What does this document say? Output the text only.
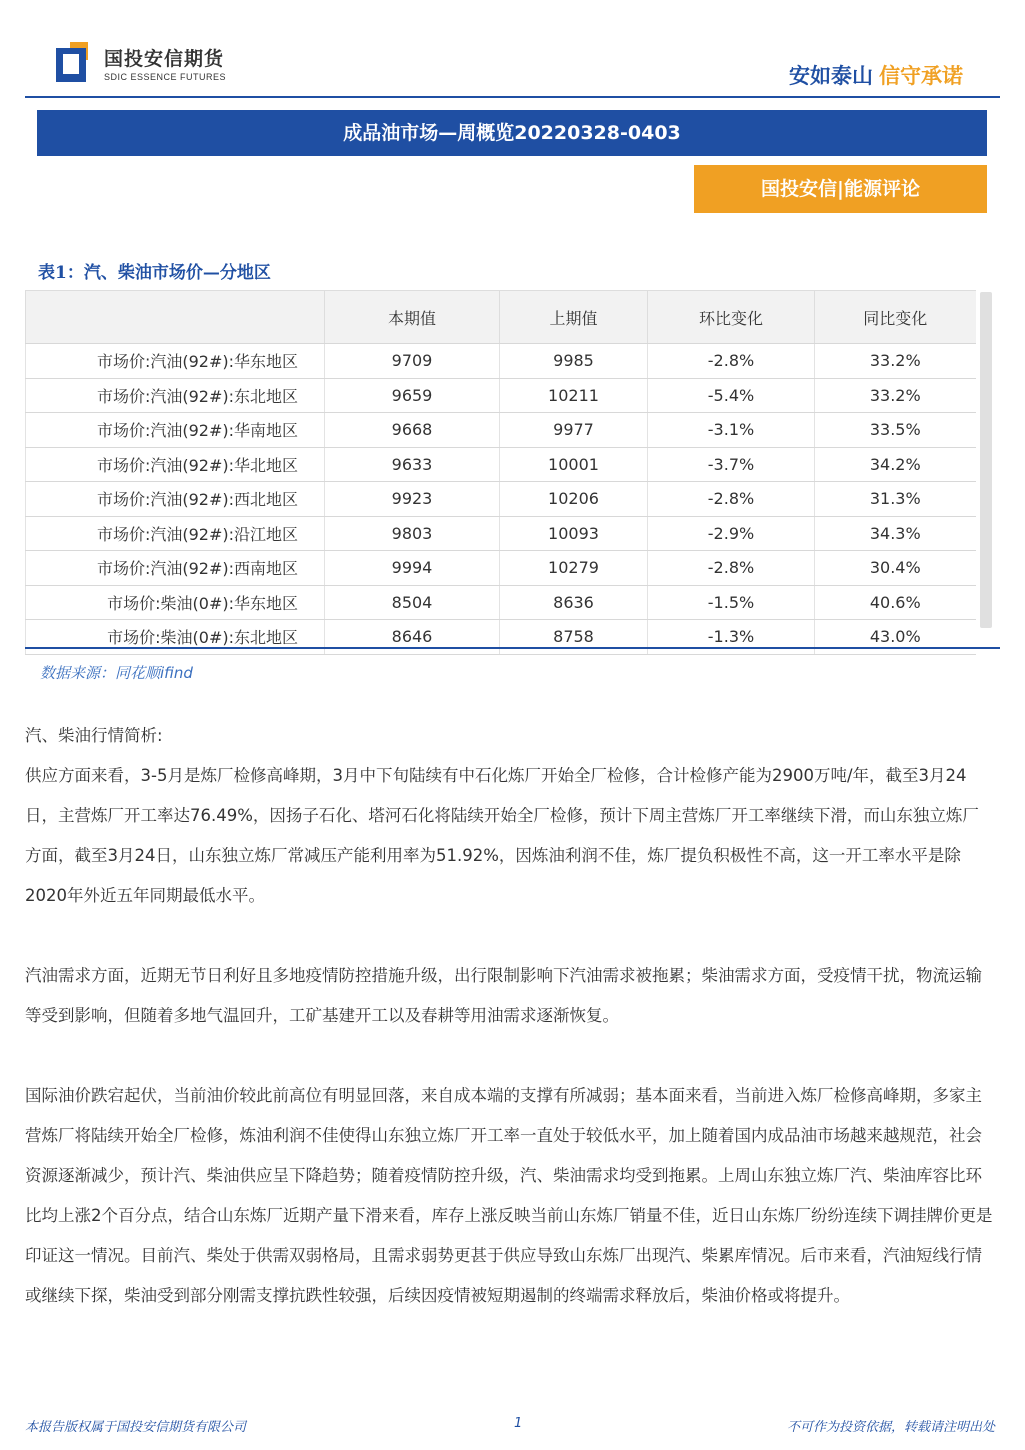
国投安信期货
SDIC ESSENCE FUTURES	安如泰山 信守承诺
成品油市场—周概览20220328-0403
国投安信|能源评论
表1：汽、柴油市场价—分地区
	本期值	上期值	环比变化	同比变化
市场价:汽油(92#):华东地区	9709	9985	-2.8%	33.2%
市场价:汽油(92#):东北地区	9659	10211	-5.4%	33.2%
市场价:汽油(92#):华南地区	9668	9977	-3.1%	33.5%
市场价:汽油(92#):华北地区	9633	10001	-3.7%	34.2%
市场价:汽油(92#):西北地区	9923	10206	-2.8%	31.3%
市场价:汽油(92#):沿江地区	9803	10093	-2.9%	34.3%
市场价:汽油(92#):西南地区	9994	10279	-2.8%	30.4%
市场价:柴油(0#):华东地区	8504	8636	-1.5%	40.6%
市场价:柴油(0#):东北地区	8646	8758	-1.3%	43.0%
数据来源：同花顺ifind
汽、柴油行情简析:
供应方面来看，3-5月是炼厂检修高峰期，3月中下旬陆续有中石化炼厂开始全厂检修，合计检修产能为2900万吨/年，截至3月24日，主营炼厂开工率达76.49%，因扬子石化、塔河石化将陆续开始全厂检修，预计下周主营炼厂开工率继续下滑，而山东独立炼厂方面，截至3月24日，山东独立炼厂常减压产能利用率为51.92%，因炼油利润不佳，炼厂提负积极性不高，这一开工率水平是除2020年外近五年同期最低水平。
汽油需求方面，近期无节日利好且多地疫情防控措施升级，出行限制影响下汽油需求被拖累；柴油需求方面，受疫情干扰，物流运输等受到影响，但随着多地气温回升，工矿基建开工以及春耕等用油需求逐渐恢复。
国际油价跌宕起伏，当前油价较此前高位有明显回落，来自成本端的支撑有所减弱；基本面来看，当前进入炼厂检修高峰期，多家主营炼厂将陆续开始全厂检修，炼油利润不佳使得山东独立炼厂开工率一直处于较低水平，加上随着国内成品油市场越来越规范，社会资源逐渐减少，预计汽、柴油供应呈下降趋势；随着疫情防控升级，汽、柴油需求均受到拖累。上周山东独立炼厂汽、柴油库容比环比均上涨2个百分点，结合山东炼厂近期产量下滑来看，库存上涨反映当前山东炼厂销量不佳，近日山东炼厂纷纷连续下调挂牌价更是印证这一情况。目前汽、柴处于供需双弱格局，且需求弱势更甚于供应导致山东炼厂出现汽、柴累库情况。后市来看，汽油短线行情或继续下探，柴油受到部分刚需支撑抗跌性较强，后续因疫情被短期遏制的终端需求释放后，柴油价格或将提升。
本报告版权属于国投安信期货有限公司	1	不可作为投资依据，转载请注明出处
